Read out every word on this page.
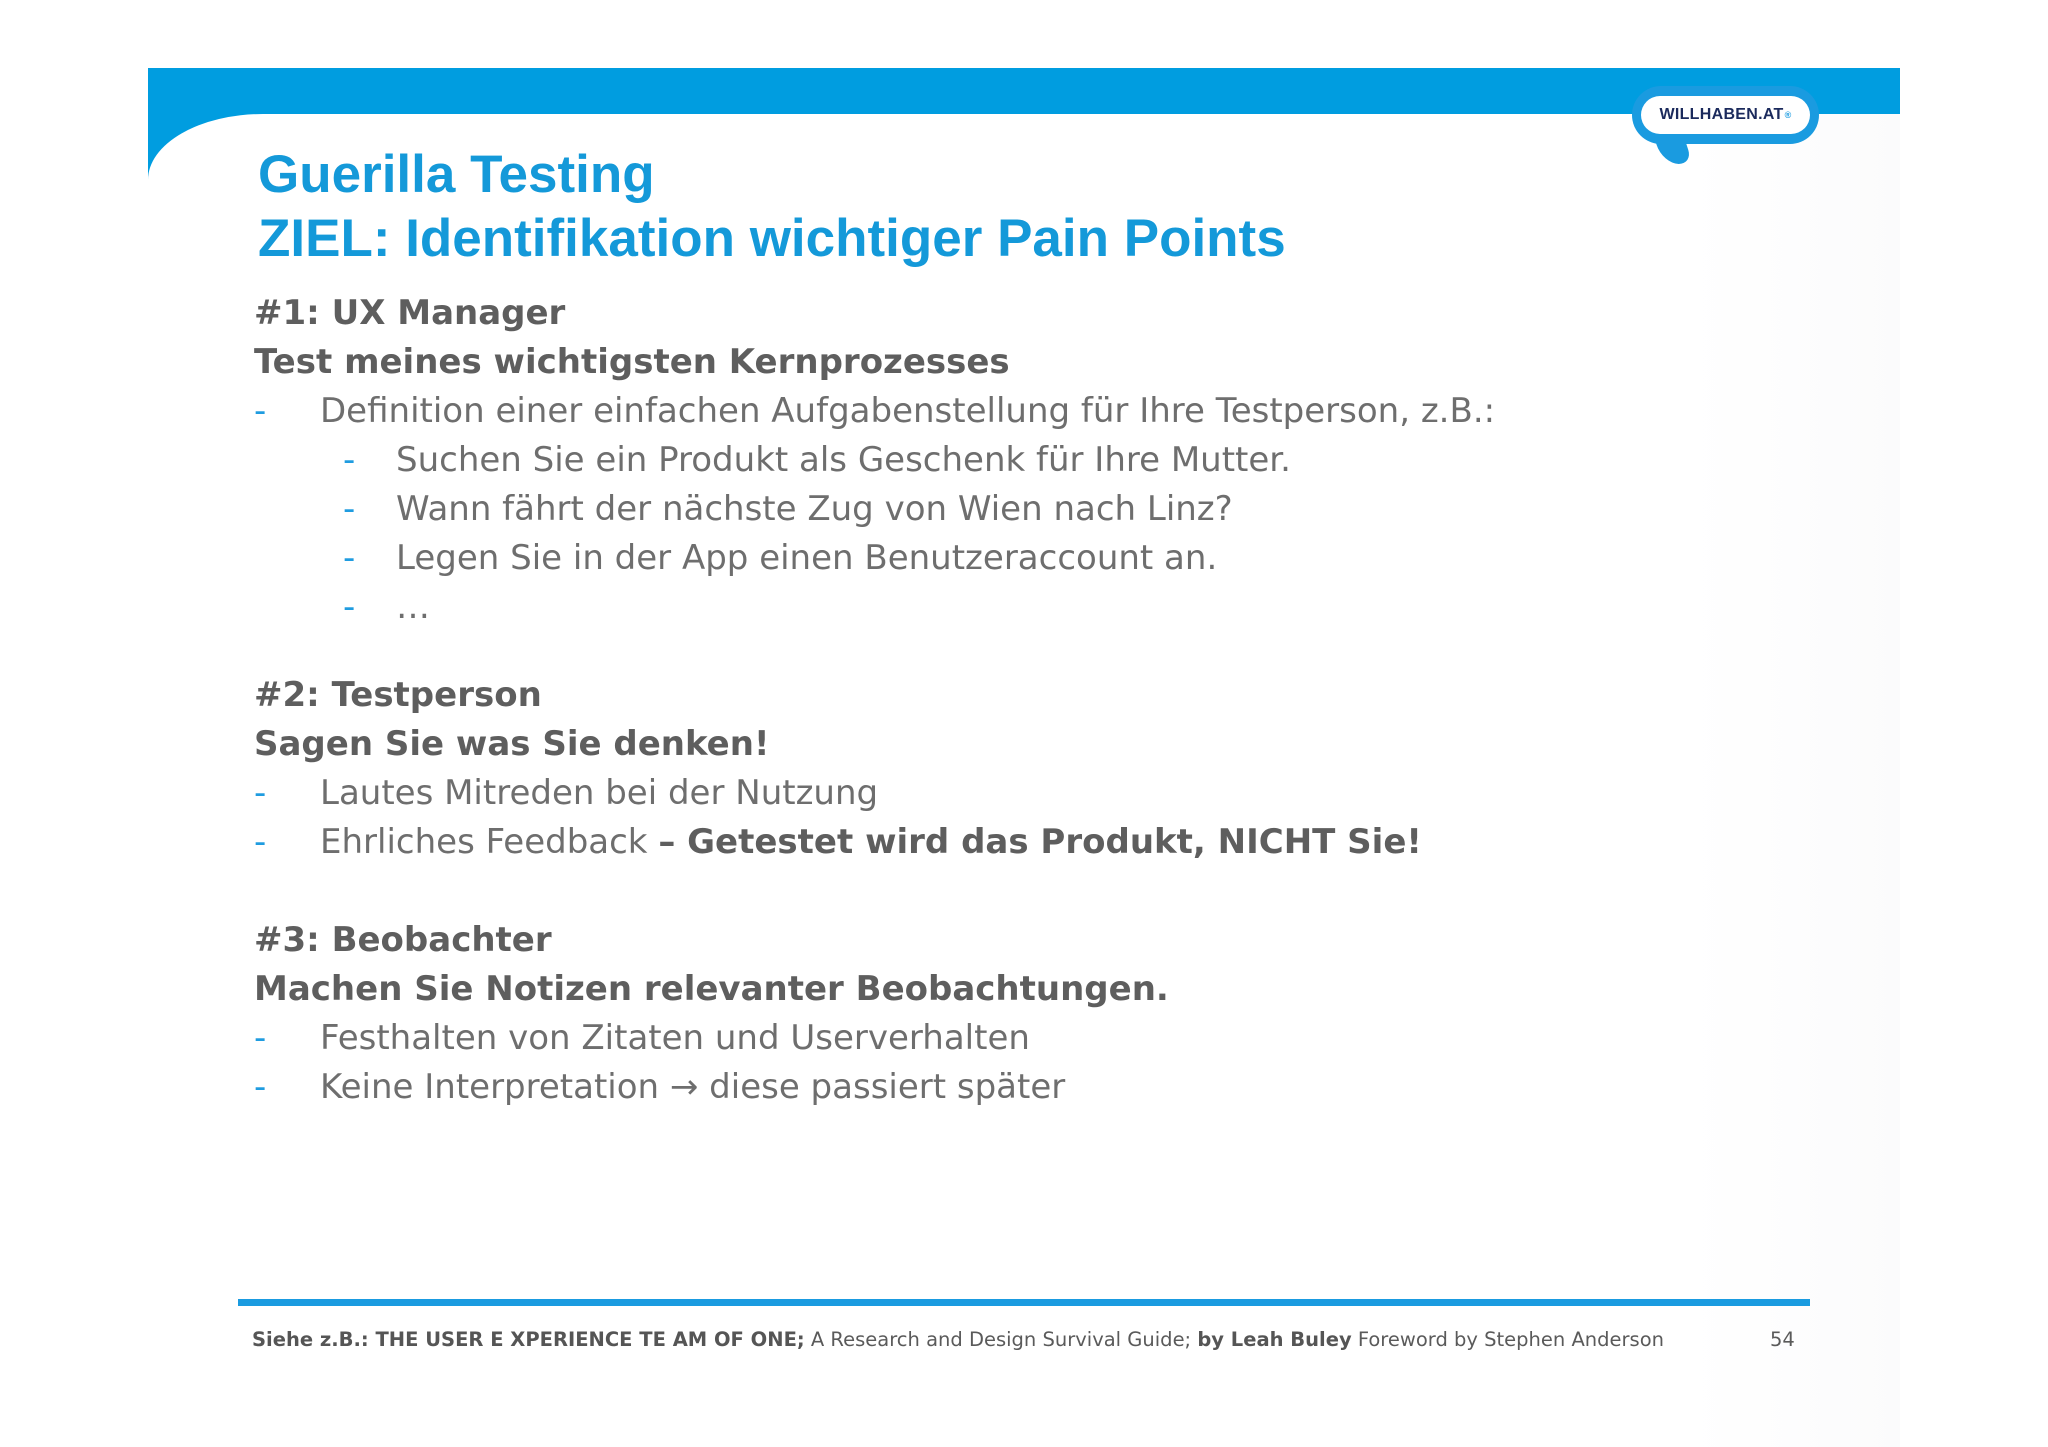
WILLHABEN.AT ®
Guerilla Testing
ZIEL: Identifikation wichtiger Pain Points
#1: UX Manager
Test meines wichtigsten Kernprozesses
- Definition einer einfachen Aufgabenstellung für Ihre Testperson, z.B.:
- Suchen Sie ein Produkt als Geschenk für Ihre Mutter.
- Wann fährt der nächste Zug von Wien nach Linz?
- Legen Sie in der App einen Benutzeraccount an.
- …
#2: Testperson
Sagen Sie was Sie denken!
- Lautes Mitreden bei der Nutzung
- Ehrliches Feedback – Getestet wird das Produkt, NICHT Sie!
#3: Beobachter
Machen Sie Notizen relevanter Beobachtungen.
- Festhalten von Zitaten und Userverhalten
- Keine Interpretation → diese passiert später
Siehe z.B.: THE USER E XPERIENCE TE AM OF ONE; A Research and Design Survival Guide; by Leah Buley Foreword by Stephen Anderson	54
